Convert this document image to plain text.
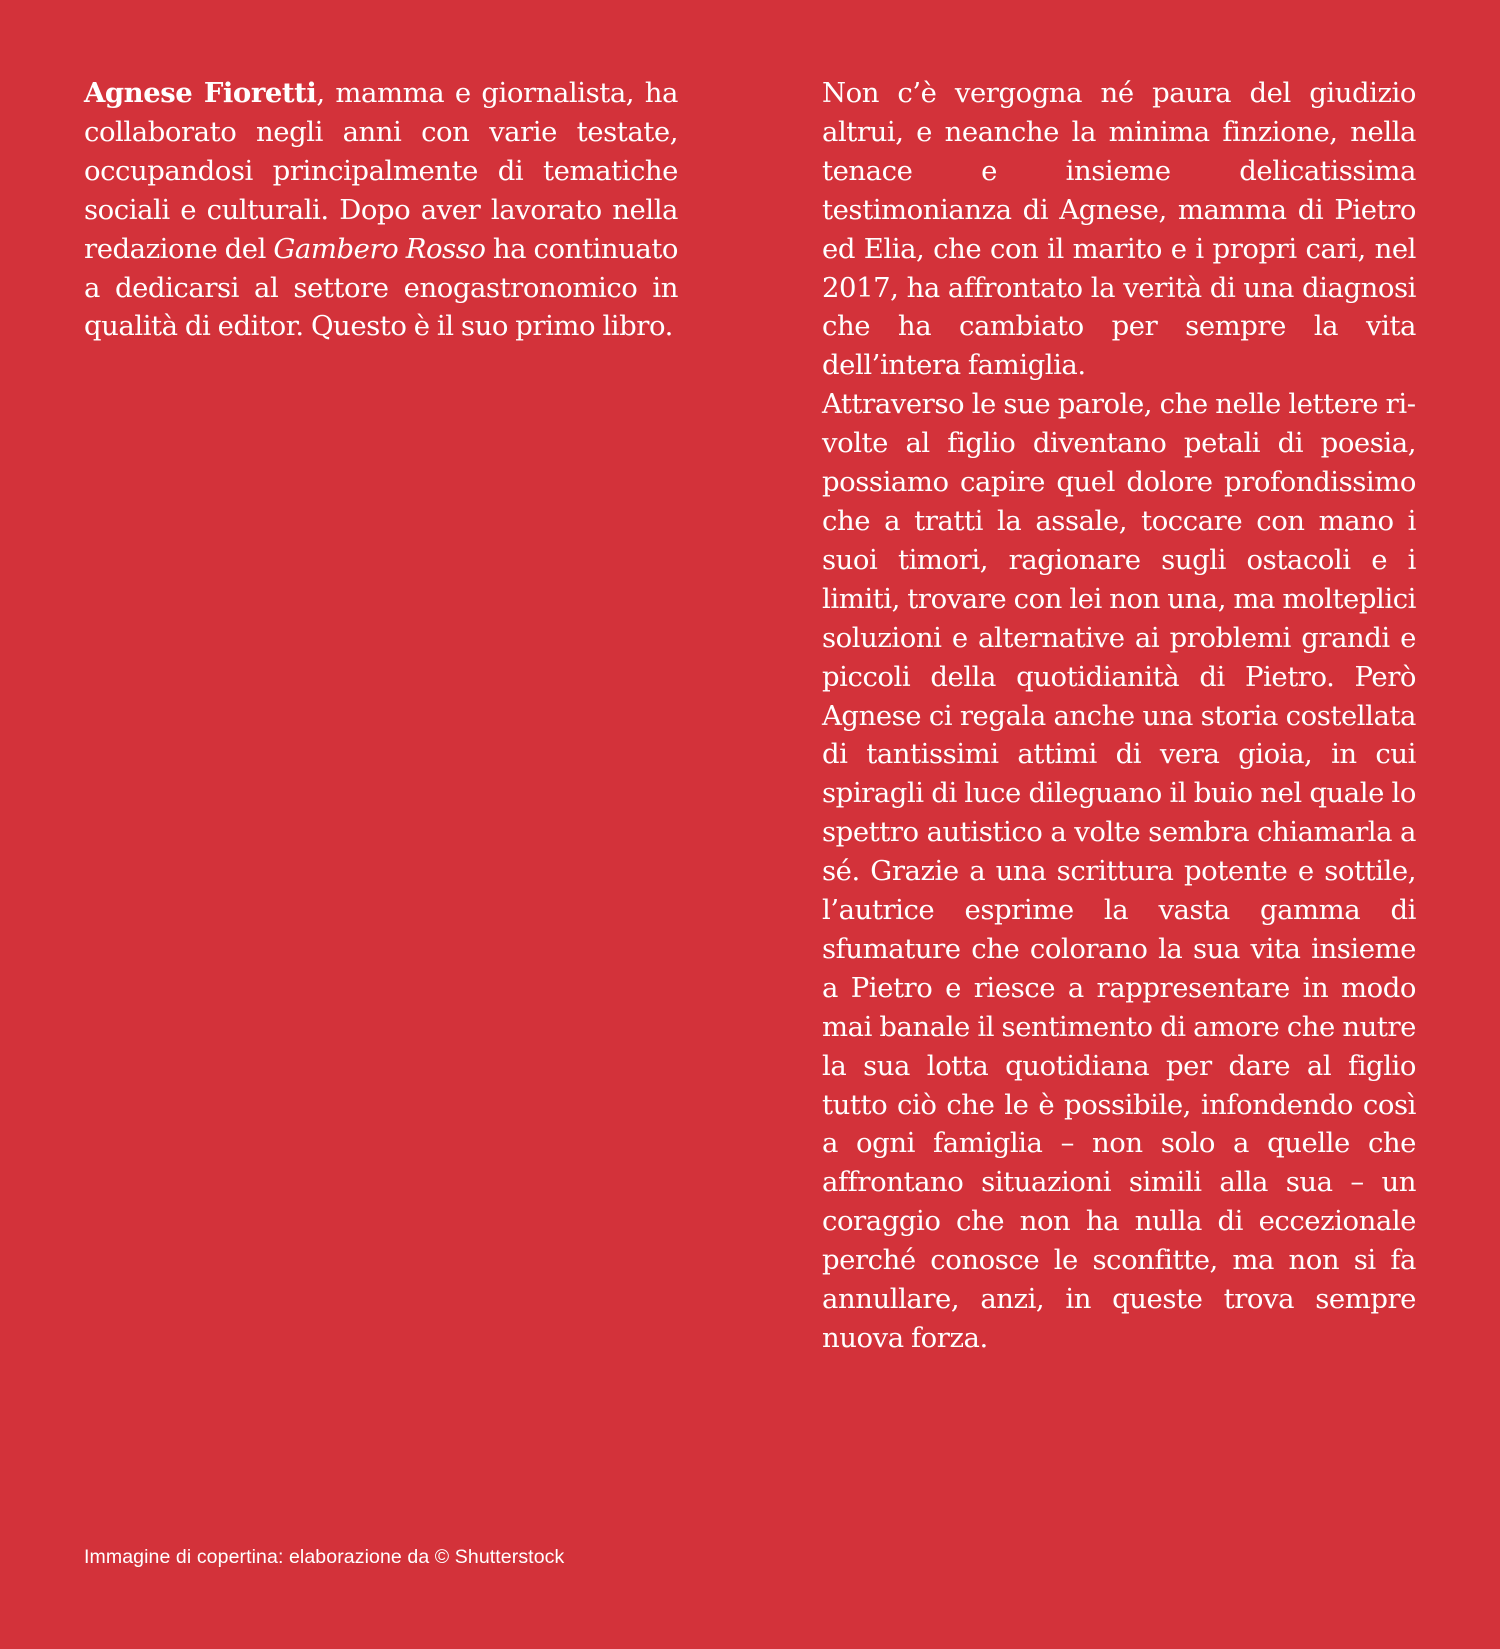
Agnese Fioretti, mamma e giornalista, ha collaborato negli anni con varie testate, occupandosi principalmente di tematiche sociali e culturali. Dopo aver lavorato nella redazione del Gambero Rosso ha continuato a dedicarsi al settore enogastronomico in qualità di editor. Questo è il suo primo libro.

Non c’è vergogna né paura del giudizio altrui, e neanche la minima finzione, nella tenace e insieme delicatissima testimonianza di Agnese, mamma di Pietro ed Elia, che con il marito e i propri cari, nel 2017, ha affrontato la verità di una diagnosi che ha cambiato per sempre la vita dell’intera famiglia.

Attraverso le sue parole, che nelle lettere rivolte al figlio diventano petali di poesia, possiamo capire quel dolore profondissimo che a tratti la assale, toccare con mano i suoi timori, ragionare sugli ostacoli e i limiti, trovare con lei non una, ma molteplici soluzioni e alternative ai problemi grandi e piccoli della quotidianità di Pietro. Però Agnese ci regala anche una storia costellata di tantissimi attimi di vera gioia, in cui spiragli di luce dileguano il buio nel quale lo spettro autistico a volte sembra chiamarla a sé. Grazie a una scrittura potente e sottile, l’autrice esprime la vasta gamma di sfumature che colorano la sua vita insieme a Pietro e riesce a rappresentare in modo mai banale il sentimento di amore che nutre la sua lotta quotidiana per dare al figlio tutto ciò che le è possibile, infondendo così a ogni famiglia – non solo a quelle che affrontano situazioni simili alla sua – un coraggio che non ha nulla di eccezionale perché conosce le sconfitte, ma non si fa annullare, anzi, in queste trova sempre nuova forza.

Immagine di copertina: elaborazione da © Shutterstock
